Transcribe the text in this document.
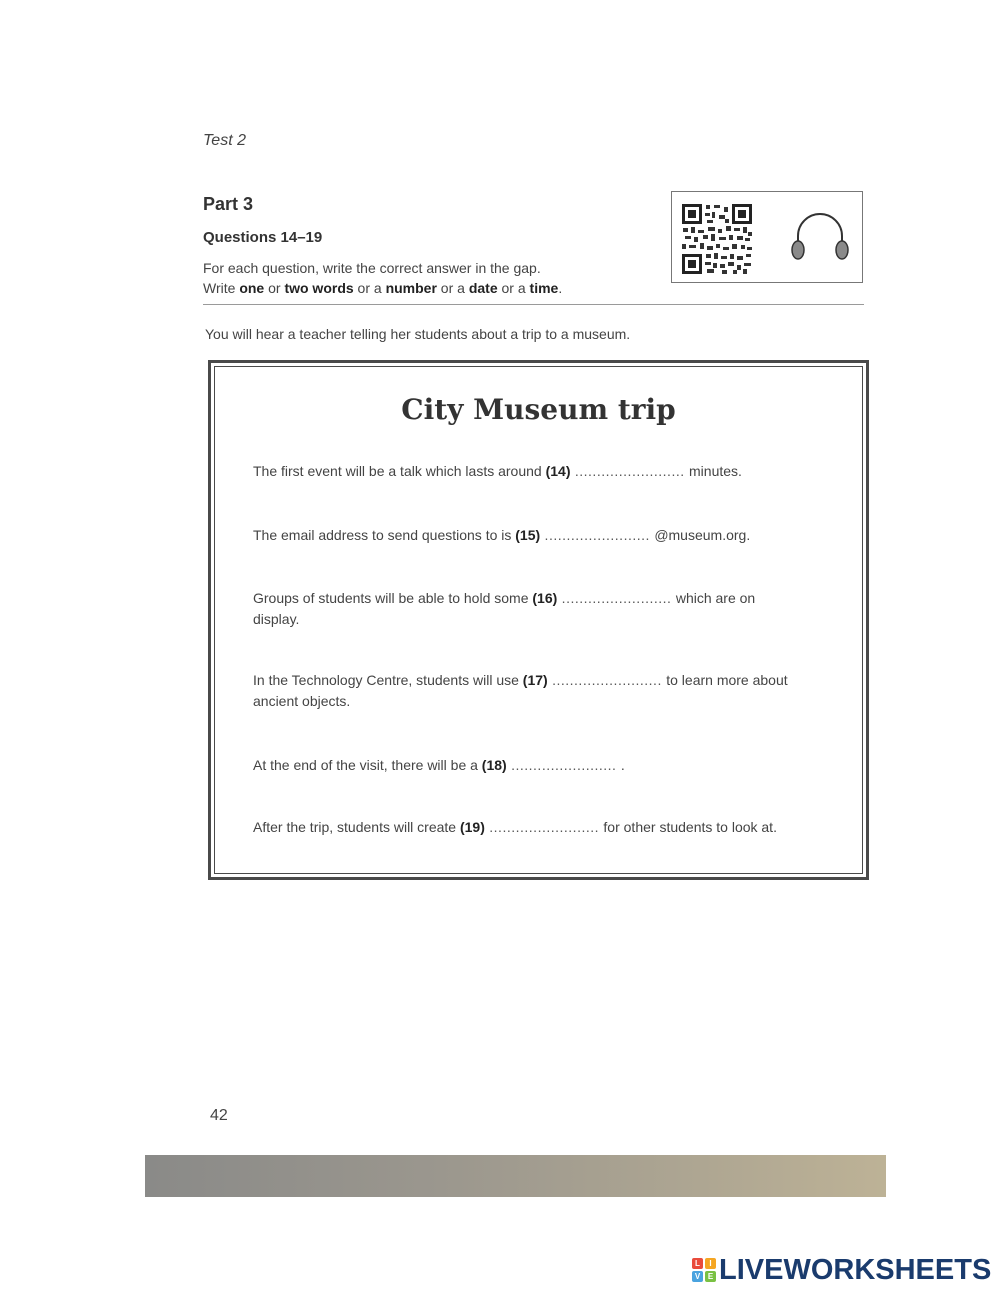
Test 2
Part 3
Questions 14–19
For each question, write the correct answer in the gap.
Write one or two words or a number or a date or a time.
You will hear a teacher telling her students about a trip to a museum.
City Museum trip
The first event will be a talk which lasts around (14) ......................... minutes.
The email address to send questions to is (15) ........................ @museum.org.
Groups of students will be able to hold some (16) ......................... which are on display.
In the Technology Centre, students will use (17) ......................... to learn more about ancient objects.
At the end of the visit, there will be a (18) ........................ .
After the trip, students will create (19) ......................... for other students to look at.
42
L	I
V E LIVEWORKSHEETS
